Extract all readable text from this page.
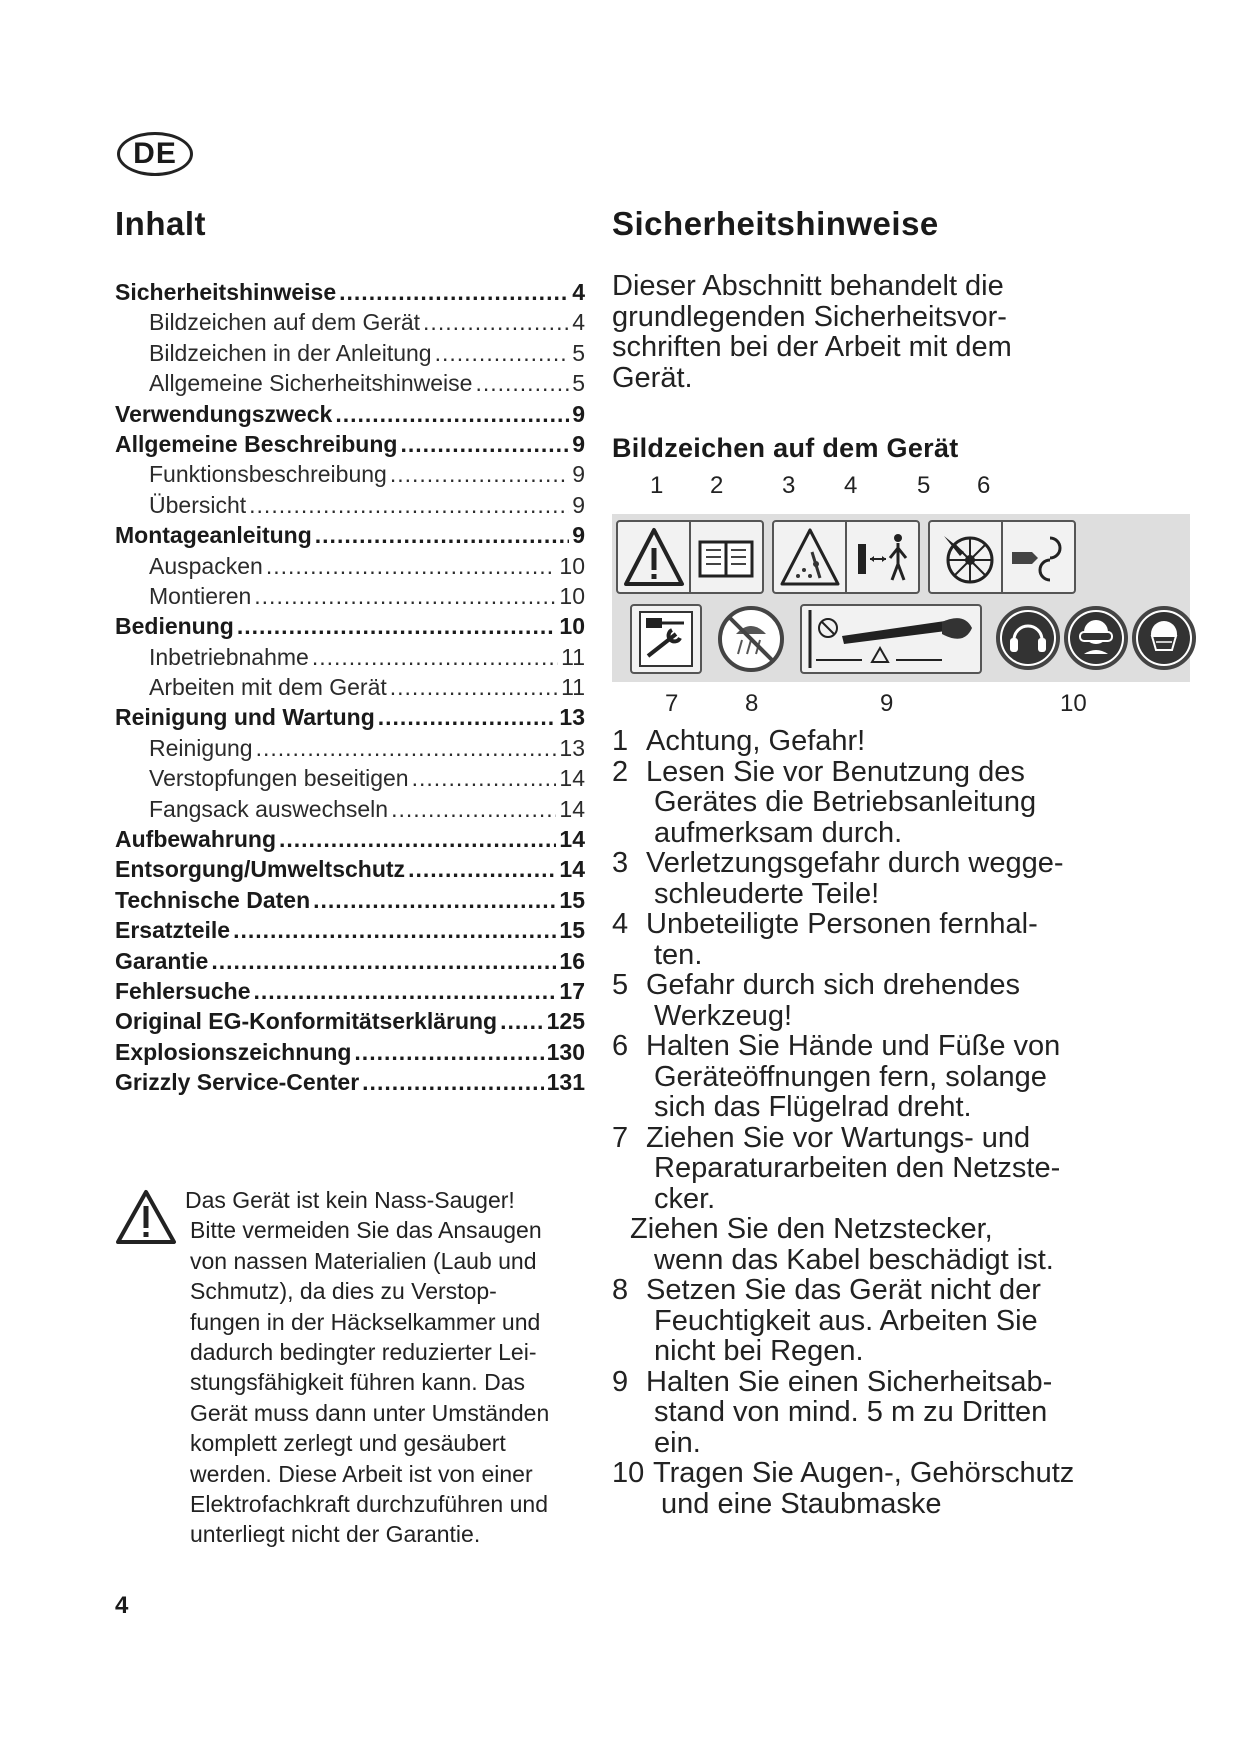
DE
Inhalt
Sicherheitshinweise .....	4
Bildzeichen auf dem Gerät .....	4
Bildzeichen in der Anleitung .....	5
Allgemeine Sicherheitshinweise .....	5
Verwendungszweck .....	9
Allgemeine Beschreibung .....	9
Funktionsbeschreibung .....	9
Übersicht .....	9
Montageanleitung .....	9
Auspacken .....	10
Montieren .....	10
Bedienung .....	10
Inbetriebnahme .....	11
Arbeiten mit dem Gerät .....	11
Reinigung und Wartung .....	13
Reinigung .....	13
Verstopfungen beseitigen .....	14
Fangsack auswechseln .....	14
Aufbewahrung .....	14
Entsorgung/Umweltschutz .....	14
Technische Daten .....	15
Ersatzteile .....	15
Garantie .....	16
Fehlersuche .....	17
Original EG-Konformitätserklärung ..... 125
Explosionszeichnung .....	130
Grizzly Service-Center .....	131

Das Gerät ist kein Nass-Sauger!

Bitte vermeiden Sie das Ansaugen

von nassen Materialien (Laub und

Schmutz), da dies zu Verstop-

fungen in der Häckselkammer und

dadurch bedingter reduzierter Lei-

stungsfähigkeit führen kann. Das

Gerät muss dann unter Umständen

komplett zerlegt und gesäubert

werden. Diese Arbeit ist von einer

Elektrofachkraft durchzuführen und

unterliegt nicht der Garantie.

Sicherheitshinweise
Dieser Abschnitt behandelt die
grundlegenden Sicherheitsvor-
schriften bei der Arbeit mit dem
Gerät.
Bildzeichen auf dem Gerät
1 2 3 4 5 6
7	8	9	10
1 Achtung, Gefahr!
2 Lesen Sie vor Benutzung des
Gerätes die Betriebsanleitung
aufmerksam durch.
3 Verletzungsgefahr durch wegge-
schleuderte Teile!
4 Unbeteiligte Personen fernhal-
ten.
5 Gefahr durch sich drehendes
Werkzeug!
6 Halten Sie Hände und Füße von
Geräteöffnungen fern, solange
sich das Flügelrad dreht.
7 Ziehen Sie vor Wartungs- und
Reparaturarbeiten den Netzste-
cker.
Ziehen Sie den Netzstecker,
wenn das Kabel beschädigt ist.
8 Setzen Sie das Gerät nicht der
Feuchtigkeit aus. Arbeiten Sie
nicht bei Regen.
9 Halten Sie einen Sicherheitsab-
stand von mind. 5 m zu Dritten
ein.
10 Tragen Sie Augen-, Gehörschutz
und eine Staubmaske
4
